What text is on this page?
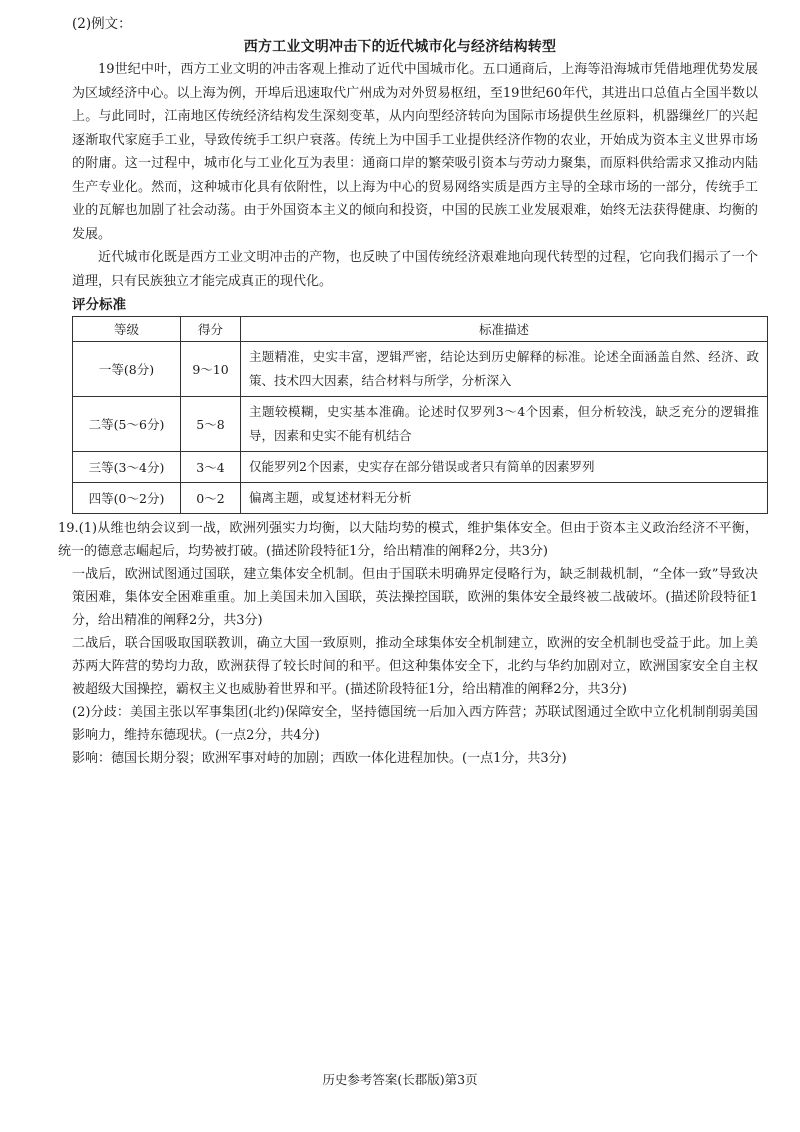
(2)例文：
西方工业文明冲击下的近代城市化与经济结构转型

19世纪中叶，西方工业文明的冲击客观上推动了近代中国城市化。五口通商后，上海等沿海城市凭借地理优势发展为区域经济中心。以上海为例，开埠后迅速取代广州成为对外贸易枢纽，至19世纪60年代，其进出口总值占全国半数以上。与此同时，江南地区传统经济结构发生深刻变革，从内向型经济转向为国际市场提供生丝原料，机器缫丝厂的兴起逐渐取代家庭手工业，导致传统手工织户衰落。传统上为中国手工业提供经济作物的农业，开始成为资本主义世界市场的附庸。这一过程中，城市化与工业化互为表里：通商口岸的繁荣吸引资本与劳动力聚集，而原料供给需求又推动内陆生产专业化。然而，这种城市化具有依附性，以上海为中心的贸易网络实质是西方主导的全球市场的一部分，传统手工业的瓦解也加剧了社会动荡。由于外国资本主义的倾向和投资，中国的民族工业发展艰难，始终无法获得健康、均衡的发展。

近代城市化既是西方工业文明冲击的产物，也反映了中国传统经济艰难地向现代转型的过程，它向我们揭示了一个道理，只有民族独立才能完成真正的现代化。

评分标准
等级	得分	标准描述
一等(8分)	9～10	主题精准，史实丰富，逻辑严密，结论达到历史解释的标准。论述全面涵盖自然、经济、政策、技术四大因素，结合材料与所学，分析深入
二等(5～6分)	5～8	主题较模糊，史实基本准确。论述时仅罗列3～4个因素，但分析较浅，缺乏充分的逻辑推导，因素和史实不能有机结合
三等(3～4分)	3～4	仅能罗列2个因素，史实存在部分错误或者只有简单的因素罗列
四等(0～2分)	0～2	偏离主题，或复述材料无分析

19.(1)从维也纳会议到一战，欧洲列强实力均衡，以大陆均势的模式，维护集体安全。但由于资本主义政治经济不平衡，统一的德意志崛起后，均势被打破。(描述阶段特征1分，给出精准的阐释2分，共3分)

一战后，欧洲试图通过国联，建立集体安全机制。但由于国联未明确界定侵略行为，缺乏制裁机制，“全体一致”导致决策困难，集体安全困难重重。加上美国未加入国联，英法操控国联，欧洲的集体安全最终被二战破坏。(描述阶段特征1分，给出精准的阐释2分，共3分)

二战后，联合国吸取国联教训，确立大国一致原则，推动全球集体安全机制建立，欧洲的安全机制也受益于此。加上美苏两大阵营的势均力敌，欧洲获得了较长时间的和平。但这种集体安全下，北约与华约加剧对立，欧洲国家安全自主权被超级大国操控，霸权主义也威胁着世界和平。(描述阶段特征1分，给出精准的阐释2分，共3分)

(2)分歧：美国主张以军事集团(北约)保障安全，坚持德国统一后加入西方阵营；苏联试图通过全欧中立化机制削弱美国影响力，维持东德现状。(一点2分，共4分)

影响：德国长期分裂；欧洲军事对峙的加剧；西欧一体化进程加快。(一点1分，共3分)

历史参考答案(长郡版)第3页
